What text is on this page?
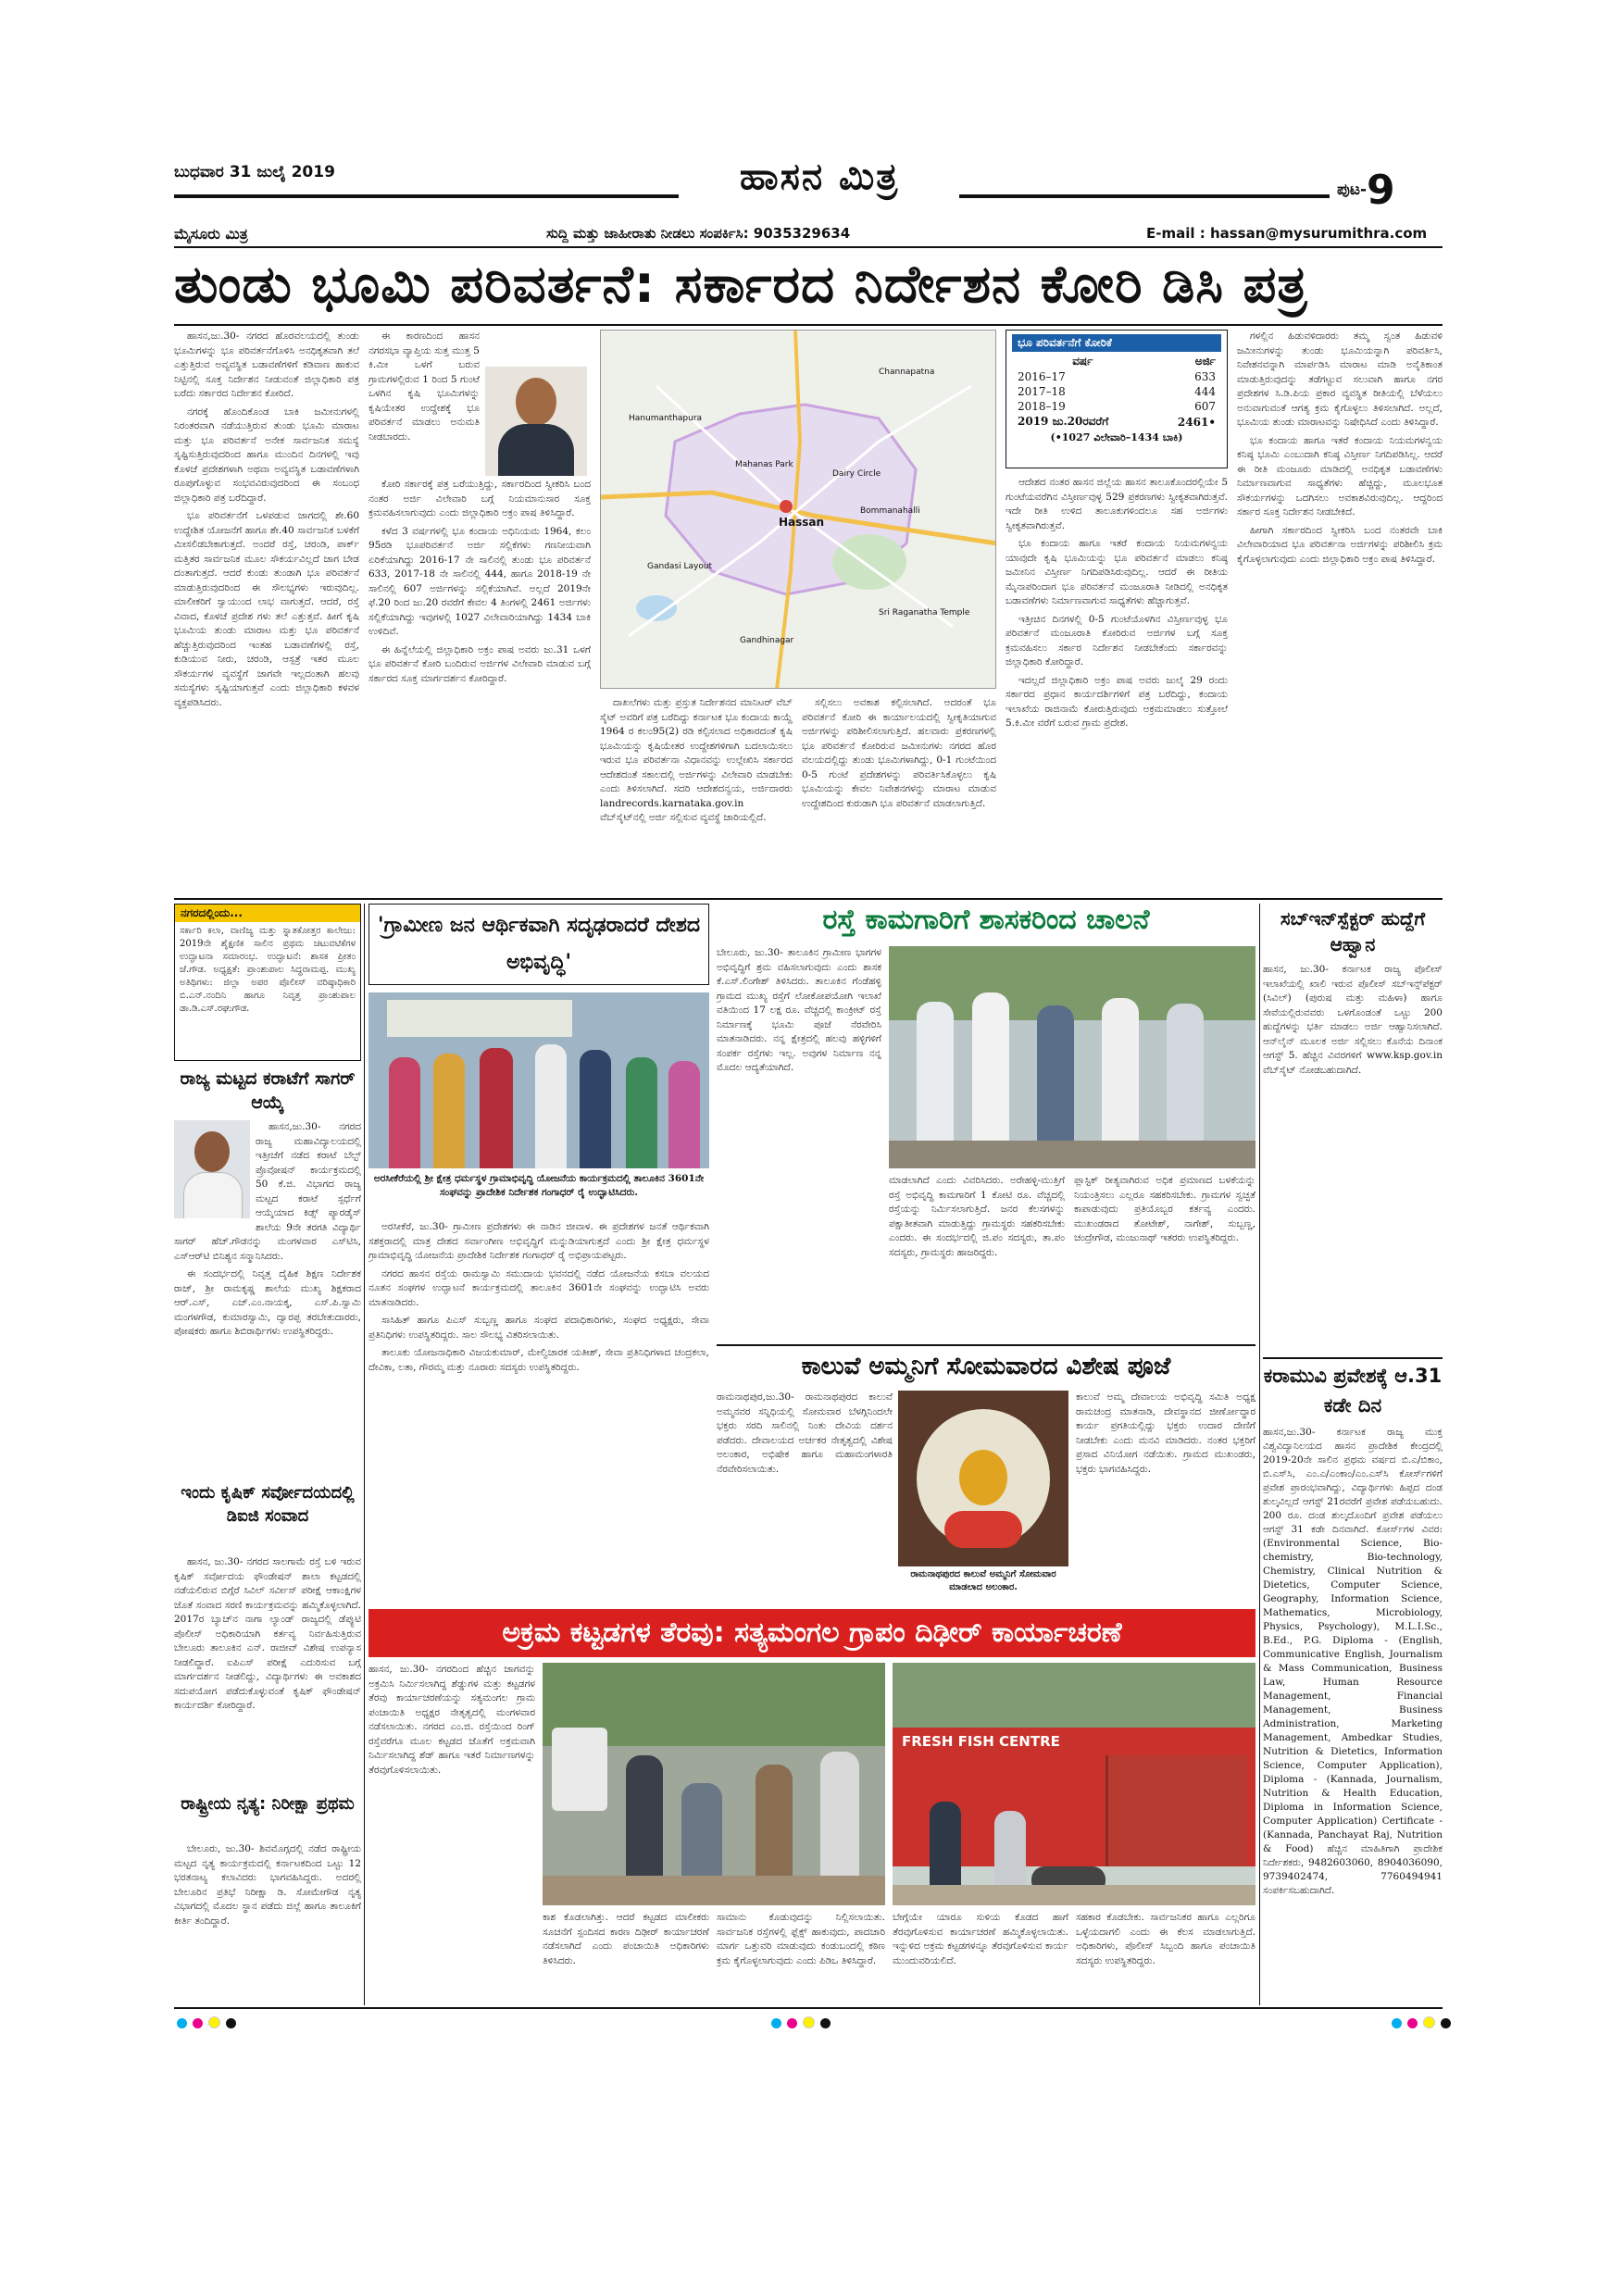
ಬುಧವಾರ 31 ಜುಲೈ 2019	ಹಾಸನ ಮಿತ್ರ	ಪುಟ-9
ಮೈಸೂರು ಮಿತ್ರ	ಸುದ್ದಿ ಮತ್ತು ಜಾಹೀರಾತು ನೀಡಲು ಸಂಪರ್ಕಿಸಿ: 9035329634	E-mail : hassan@mysurumithra.com
ತುಂಡು ಭೂಮಿ ಪರಿವರ್ತನೆ: ಸರ್ಕಾರದ ನಿರ್ದೇಶನ ಕೋರಿ ಡಿಸಿ ಪತ್ರ

ಹಾಸನ,ಜು.30- ನಗರದ ಹೊರವಲಯದಲ್ಲಿ ತುಂಡು ಭೂಮಿಗಳನ್ನು ಭೂ ಪರಿವರ್ತನೆಗೊಳಿಸಿ ಅನಧಿಕೃತವಾಗಿ ತಲೆ ಎತ್ತುತ್ತಿರುವ ಅವ್ಯವಸ್ಥಿತ ಬಡಾವಣೆಗಳಿಗೆ ಕಡಿವಾಣ ಹಾಕುವ ನಿಟ್ಟಿನಲ್ಲಿ ಸೂಕ್ತ ನಿರ್ದೇಶನ ನೀಡುವಂತೆ ಜಿಲ್ಲಾಧಿಕಾರಿ ಪತ್ರ ಬರೆದು ಸರ್ಕಾರದ ನಿರ್ದೇಶನ ಕೋರಿದೆ.

ನಗರಕ್ಕೆ ಹೊಂದಿಕೊಂಡ ಬಾಕಿ ಜಮೀನುಗಳಲ್ಲಿ ನಿರಂತರವಾಗಿ ನಡೆಯುತ್ತಿರುವ ತುಂಡು ಭೂಮಿ ಮಾರಾಟ ಮತ್ತು ಭೂ ಪರಿವರ್ತನೆ ಅನೇಕ ಸಾರ್ವಜನಿಕ ಸಮಸ್ಯೆ ಸೃಷ್ಟಿಸುತ್ತಿರುವುದರಿಂದ ಹಾಗೂ ಮುಂದಿನ ದಿನಗಳಲ್ಲಿ ಇವು ಕೊಳಚೆ ಪ್ರದೇಶಗಳಾಗಿ ಅಥವಾ ಅವ್ಯವಸ್ಥಿತ ಬಡಾವಣೆಗಳಾಗಿ ರೂಪುಗೊಳ್ಳುವ ಸಂಭವವಿರುವುದರಿಂದ ಈ ಸಂಬಂಧ ಜಿಲ್ಲಾಧಿಕಾರಿ ಪತ್ರ ಬರೆದಿದ್ದಾರೆ.

ಭೂ ಪರಿವರ್ತನೆಗೆ ಒಳಪಡುವ ಜಾಗದಲ್ಲಿ ಶೇ.60 ಉದ್ದೇಶಿತ ಯೋಜನೆಗೆ ಹಾಗೂ ಶೇ.40 ಸಾರ್ವಜನಿಕ ಬಳಕೆಗೆ ಮೀಸಲಿಡಬೇಕಾಗುತ್ತದೆ. ಅಂದರೆ ರಸ್ತೆ, ಚರಂಡಿ, ಪಾರ್ಕ್ ಮತ್ತಿತರ ಸಾರ್ವಜನಿಕ ಮೂಲ ಸೌಕರ್ಯವಿಲ್ಲದೆ ಜಾಗ ಬೇಡ ದಂತಾಗುತ್ತದೆ. ಆದರೆ ಕುಂಡು ತುಂಡಾಗಿ ಭೂ ಪರಿವರ್ತನೆ ಮಾಡುತ್ತಿರುವುದರಿಂದ ಈ ಸೌಲಭ್ಯಗಳು ಇರುವುದಿಲ್ಲ. ಮಾಲೀಕರಿಗೆ ಸ್ವಾಯುಂದ ಲಾಭ ವಾಗುತ್ತದೆ. ಆದರೆ, ರಸ್ತೆ ವಿವಾದ, ಕೊಳಚೆ ಪ್ರದೇಶ ಗಳು ತಲೆ ಎತ್ತುತ್ತವೆ. ಹೀಗೆ ಕೃಷಿ ಭೂಮಿಯ ತುಂಡು ಮಾರಾಟ ಮತ್ತು ಭೂ ಪರಿವರ್ತನೆ ಹೆಚ್ಚುತ್ತಿರುವುದರಿಂದ ಇಂತಹ ಬಡಾವಣೆಗಳಲ್ಲಿ ರಸ್ತೆ, ಕುಡಿಯುವ ನೀರು, ಚರಂಡಿ, ಆಸ್ಪತ್ರೆ ಇತರ ಮೂಲ ಸೌಕರ್ಯಗಳ ವ್ಯವಸ್ಥೆಗೆ ಜಾಗವೇ ಇಲ್ಲದಂತಾಗಿ ಹಲವು ಸಮಸ್ಯೆಗಳು ಸೃಷ್ಟಿಯಾಗುತ್ತವೆ ಎಂದು ಜಿಲ್ಲಾಧಿಕಾರಿ ಕಳವಳ ವ್ಯಕ್ತಪಡಿಸಿದರು.

ಈ ಕಾರಣದಿಂದ ಹಾಸನ ನಗರಸಭಾ ವ್ಯಾಪ್ತಿಯ ಸುತ್ತ ಮುತ್ತ 5 ಕಿ.ಮೀ ಒಳಗೆ ಬರುವ ಗ್ರಾಮಗಳಲ್ಲಿರುವ 1 ರಿಂದ 5 ಗುಂಟೆ ಒಳಗಿನ ಕೃಷಿ ಭೂಮಿಗಳನ್ನು ಕೃಷಿಯೇತರ ಉದ್ದೇಶಕ್ಕೆ ಭೂ ಪರಿವರ್ತನೆ ಮಾಡಲು ಅನುಮತಿ ನೀಡಬಾರದು.

ಕೋರಿ ಸರ್ಕಾರಕ್ಕೆ ಪತ್ರ ಬರೆಯುತ್ತಿದ್ದು, ಸರ್ಕಾರದಿಂದ ಸ್ವೀಕರಿಸಿ ಬಂದ ನಂತರ ಅರ್ಜಿ ವಿಲೇವಾರಿ ಬಗ್ಗೆ ನಿಯಮಾನುಸಾರ ಸೂಕ್ತ ಕ್ರಮವಹಿಸಲಾಗುವುದು ಎಂದು ಜಿಲ್ಲಾಧಿಕಾರಿ ಅಕ್ರಂ ಪಾಷ ತಿಳಿಸಿದ್ದಾರೆ.

ಕಳೆದ 3 ವರ್ಷಗಳಲ್ಲಿ ಭೂ ಕಂದಾಯ ಅಧಿನಿಯಮ 1964, ಕಲಂ 95ರಡಿ ಭೂಪರಿವರ್ತನೆ ಅರ್ಜಿ ಸಲ್ಲಿಕೆಗಳು ಗಣನೀಯವಾಗಿ ಏರಿಕೆಯಾಗಿದ್ದು 2016-17 ನೇ ಸಾಲಿನಲ್ಲಿ ತುಂಡು ಭೂ ಪರಿವರ್ತನೆ 633, 2017-18 ನೇ ಸಾಲಿನಲ್ಲಿ 444, ಹಾಗೂ 2018-19 ನೇ ಸಾಲಿನಲ್ಲಿ 607 ಅರ್ಜಿಗಳನ್ನು ಸಲ್ಲಿಕೆಯಾಗಿವೆ. ಅಲ್ಲದೆ 2019ನೇ ಫೆ.20 ರಿಂದ ಜು.20 ರವರೆಗೆ ಕೇವಲ 4 ತಿಂಗಳಲ್ಲಿ 2461 ಅರ್ಜಿಗಳು ಸಲ್ಲಿಕೆಯಾಗಿದ್ದು ಇವುಗಳಲ್ಲಿ 1027 ವಿಲೇವಾರಿಯಾಗಿದ್ದು 1434 ಬಾಕಿ ಉಳಿದಿವೆ.

ಈ ಹಿನ್ನೆಲೆಯಲ್ಲಿ ಜಿಲ್ಲಾಧಿಕಾರಿ ಅಕ್ರಂ ಪಾಷ ಅವರು ಜು.31 ಒಳಗೆ ಭೂ ಪರಿವರ್ತನೆ ಕೋರಿ ಬಂದಿರುವ ಅರ್ಜಿಗಳ ವಿಲೇವಾರಿ ಮಾಡುವ ಬಗ್ಗೆ ಸರ್ಕಾರದ ಸೂಕ್ತ ಮಾರ್ಗದರ್ಶನ ಕೋರಿದ್ದಾರೆ.

Hassan
Mahanas Park
Gandasi Layout
Dairy Circle
Channapatna
Bommanahalli
Hanumanthapura
Sri Raganatha Temple
Gandhinagar

ದಾಖಲೆಗಳು ಮತ್ತು ಪ್ರಸ್ತುತ ನಿರ್ದೇಶನದ ಮಾನಿಟರ್ ವೆಬ್ ಸೈಟ್ ಅವರಿಗೆ ಪತ್ರ ಬರೆದಿದ್ದು ಕರ್ನಾಟಕ ಭೂ ಕಂದಾಯ ಕಾಯ್ದೆ 1964 ರ ಕಲಂ95(2) ರಡಿ ಕಲ್ಪಿಸಲಾದ ಅಧಿಕಾರದಂತೆ ಕೃಷಿ ಭೂಮಿಯನ್ನು ಕೃಷಿಯೇತರ ಉದ್ದೇಶಗಳಿಗಾಗಿ ಬದಲಾಯಿಸಲು ಇರುವ ಭೂ ಪರಿವರ್ತನಾ ವಿಧಾನವನ್ನು ಉಲ್ಲೇಖಿಸಿ ಸರ್ಕಾರದ ಆದೇಶದಂತೆ ಸಕಾಲದಲ್ಲಿ ಅರ್ಜಿಗಳನ್ನು ವಿಲೇವಾರಿ ಮಾಡಬೇಕು ಎಂದು ತಿಳಿಸಲಾಗಿದೆ. ಸದರಿ ಆದೇಶದನ್ವಯ, ಅರ್ಜಿದಾರರು landrecords.karnataka.gov.in ವೆಬ್‌ಸೈಟ್‌ನಲ್ಲಿ ಅರ್ಜಿ ಸಲ್ಲಿಸುವ ವ್ಯವಸ್ಥೆ ಜಾರಿಯಲ್ಲಿದೆ.

ಸಲ್ಲಿಸಲು ಅವಕಾಶ ಕಲ್ಪಿಸಲಾಗಿದೆ. ಅದರಂತೆ ಭೂ ಪರಿವರ್ತನೆ ಕೋರಿ ಈ ಕಾರ್ಯಾಲಯದಲ್ಲಿ ಸ್ವೀಕೃತಿಯಾಗುವ ಅರ್ಜಿಗಳನ್ನು ಪರಿಶೀಲಿಸಲಾಗುತ್ತಿದೆ. ಹಲವಾರು ಪ್ರಕರಣಗಳಲ್ಲಿ ಭೂ ಪರಿವರ್ತನೆ ಕೋರಿರುವ ಜಮೀನುಗಳು ನಗರದ ಹೊರ ವಲಯದಲ್ಲಿದ್ದು ತುಂಡು ಭೂಮಿಗಳಾಗಿದ್ದು, 0-1 ಗುಂಟೆಯಿಂದ 0-5 ಗುಂಟೆ ಪ್ರದೇಶಗಳನ್ನು ಪರಿವರ್ತಿಸಿಕೊಳ್ಳಲು ಕೃಷಿ ಭೂಮಿಯನ್ನು ಕೇವಲ ನಿವೇಶನಗಳನ್ನು ಮಾರಾಟ ಮಾಡುವ ಉದ್ದೇಶದಿಂದ ಕುರುಡಾಗಿ ಭೂ ಪರಿವರ್ತನೆ ಮಾಡಲಾಗುತ್ತಿದೆ.

ಭೂ ಪರಿವರ್ತನೆಗೆ ಕೋರಿಕೆ
ವರ್ಷ	ಅರ್ಜಿ
2016–17	633
2017–18	444
2018–19	607
2019 ಜು.20ರವರೆಗೆ	2461•
(•1027 ವಿಲೇವಾರಿ–1434 ಬಾಕಿ)

ಆದೇಶದ ನಂತರ ಹಾಸನ ಜಿಲ್ಲೆಯ ಹಾಸನ ತಾಲೂಕೊಂದರಲ್ಲಿಯೇ 5 ಗುಂಟೆಯವರೆಗಿನ ವಿಸ್ತೀರ್ಣವುಳ್ಳ 529 ಪ್ರಕರಣಗಳು ಸ್ವೀಕೃತವಾಗಿರುತ್ತವೆ. ಇದೇ ರೀತಿ ಉಳಿದ ತಾಲೂಕುಗಳಿಂದಲೂ ಸಹ ಅರ್ಜಿಗಳು ಸ್ವೀಕೃತವಾಗಿರುತ್ತವೆ.

ಭೂ ಕಂದಾಯ ಹಾಗೂ ಇತರೆ ಕಂದಾಯ ನಿಯಮಗಳನ್ವಯ ಯಾವುದೇ ಕೃಷಿ ಭೂಮಿಯನ್ನು ಭೂ ಪರಿವರ್ತನೆ ಮಾಡಲು ಕನಿಷ್ಠ ಜಮೀನಿನ ವಿಸ್ತೀರ್ಣ ನಿಗದಿಪಡಿಸಿರುವುದಿಲ್ಲ. ಆದರೆ ಈ ರೀತಿಯ ಮೈನಾಪರಿಂದಾಗ ಭೂ ಪರಿವರ್ತನೆ ಮಂಜೂರಾತಿ ನೀಡಿದಲ್ಲಿ ಅನಧಿಕೃತ ಬಡಾವಣೆಗಳು ನಿರ್ಮಾಣವಾಗುವ ಸಾಧ್ಯತೆಗಳು ಹೆಚ್ಚಾಗುತ್ತವೆ.

ಇತ್ತೀಚಿನ ದಿನಗಳಲ್ಲಿ 0-5 ಗುಂಟೆಯೊಳಗಿನ ವಿಸ್ತೀರ್ಣವುಳ್ಳ ಭೂ ಪರಿವರ್ತನೆ ಮಂಜೂರಾತಿ ಕೋರಿರುವ ಅರ್ಜಿಗಳ ಬಗ್ಗೆ ಸೂಕ್ತ ಕ್ರಮವಹಿಸಲು ಸರ್ಕಾರ ನಿರ್ದೇಶನ ನೀಡಬೇಕೆಂದು ಸರ್ಕಾರವನ್ನು ಜಿಲ್ಲಾಧಿಕಾರಿ ಕೋರಿದ್ದಾರೆ.

ಇದಲ್ಲದೆ ಜಿಲ್ಲಾಧಿಕಾರಿ ಅಕ್ರಂ ಪಾಷ ಅವರು ಜುಲೈ 29 ರಂದು ಸರ್ಕಾರದ ಪ್ರಧಾನ ಕಾರ್ಯದರ್ಶಿಗಳಿಗೆ ಪತ್ರ ಬರೆದಿದ್ದು, ಕಂದಾಯ ಇಲಾಖೆಯ ರಾಜಿನಾಮೆ ಕೋರುತ್ತಿರುವುದು ಅಕ್ರಮಮಾಡಲು ಸುತ್ತೋಲೆ 5.ಕಿ.ಮೀ ವರೆಗೆ ಬರುವ ಗ್ರಾಮ ಪ್ರದೇಶ.

ಗಳಲ್ಲಿನ ಹಿಡುವಳಿದಾರರು ತಮ್ಮ ಸ್ವಂತ ಹಿಡುವಳಿ ಜಮೀನುಗಳನ್ನು ತುಂಡು ಭೂಮಿಯನ್ನಾಗಿ ಪರಿವರ್ತಿಸಿ, ನಿವೇಶನವನ್ನಾಗಿ ಮಾರ್ಪಡಿಸಿ ಮಾರಾಟ ಮಾಡಿ ಅನೈತಿಕಾಂತ ಮಾಡುತ್ತಿರುವುದನ್ನು ತಡೆಗಟ್ಟುವ ಸಲುವಾಗಿ ಹಾಗೂ ನಗರ ಪ್ರದೇಶಗಳ ಸಿ.ಡಿ.ಪಿಯ ಪ್ರಕಾರ ವ್ಯವಸ್ಥಿತ ರೀತಿಯಲ್ಲಿ ಬೆಳೆಯಲು ಅನುವಾಗುವಂತೆ ಆಗತ್ಯ ಕ್ರಮ ಕೈಗೊಳ್ಳಲು ತಿಳಿಸಲಾಗಿದೆ. ಅಲ್ಲದೆ, ಭೂಮಿಯ ತುಂಡು ಮಾರಾಟವನ್ನು ನಿಷೇಧಿಸಿದೆ ಎಂದು ತಿಳಿಸಿದ್ದಾರೆ.

ಭೂ ಕಂದಾಯ ಹಾಗೂ ಇತರೆ ಕಂದಾಯ ನಿಯಮಗಳನ್ವಯ ಕನಿಷ್ಠ ಭೂಮಿ ಎಂಬುದಾಗಿ ಕನಿಷ್ಠ ವಿಸ್ತೀರ್ಣ ನಿಗದಿಪಡಿಸಿಲ್ಲ. ಆದರೆ ಈ ರೀತಿ ಮಂಜೂರು ಮಾಡಿದಲ್ಲಿ ಅನಧಿಕೃತ ಬಡಾವಣೆಗಳು ನಿರ್ಮಾಣವಾಗುವ ಸಾಧ್ಯತೆಗಳು ಹೆಚ್ಚಿದ್ದು, ಮೂಲಭೂತ ಸೌಕರ್ಯಗಳನ್ನು ಒದಗಿಸಲು ಅವಕಾಶವಿರುವುದಿಲ್ಲ. ಆದ್ದರಿಂದ ಸರ್ಕಾರ ಸೂಕ್ತ ನಿರ್ದೇಶನ ನೀಡಬೇಕಿದೆ.

ಹೀಗಾಗಿ ಸರ್ಕಾರದಿಂದ ಸ್ವೀಕರಿಸಿ ಬಂದ ನಂತರವೇ ಬಾಕಿ ವಿಲೇವಾರಿಯಾದ ಭೂ ಪರಿವರ್ತನಾ ಅರ್ಜಿಗಳನ್ನು ಪರಿಶೀಲಿಸಿ ಕ್ರಮ ಕೈಗೊಳ್ಳಲಾಗುವುದು ಎಂದು ಜಿಲ್ಲಾಧಿಕಾರಿ ಅಕ್ರಂ ಪಾಷ ತಿಳಿಸಿದ್ದಾರೆ.

ನಗರದಲ್ಲಿಂದು...
ಸರ್ಕಾರಿ ಕಲಾ, ವಾಣಿಜ್ಯ ಮತ್ತು ಸ್ನಾತಕೋತ್ತರ ಕಾಲೇಜು: 2019ನೇ ಶೈಕ್ಷಣಿಕ ಸಾಲಿನ ಪ್ರಥಮ ಚಟುವಟಿಕೆಗಳ ಉದ್ಘಾಟನಾ ಸಮಾರಂಭ. ಉದ್ಘಾಟನೆ: ಶಾಸಕ ಪ್ರೀತಂ ಜೆ.ಗೌಡ. ಅಧ್ಯಕ್ಷತೆ: ಪ್ರಾಂಶುಪಾಲ ಸಿದ್ಧರಾಮಪ್ಪ. ಮುಖ್ಯ ಅತಿಥಿಗಳು: ಜಿಲ್ಲಾ ಅಪರ ಪೊಲೀಸ್ ವರಿಷ್ಠಾಧಿಕಾರಿ ಬಿ.ಎನ್.ನಂದಿನಿ ಹಾಗೂ ನಿವೃತ್ತ ಪ್ರಾಂಶುಪಾಲ ಡಾ.ಡಿ.ಎಸ್.ರಘುಗೌಡ.
ರಾಜ್ಯ ಮಟ್ಟದ ಕರಾಟೆಗೆ ಸಾಗರ್ ಆಯ್ಕೆ

ಹಾಸನ,ಜು.30- ನಗರದ ರಾಜ್ಯ ಮಹಾವಿದ್ಯಾಲಯದಲ್ಲಿ ಇತ್ತೀಚೆಗೆ ನಡೆದ ಕರಾಟೆ ಬೆಲ್ಟ್ ಪ್ರೊವೋಷನ್ ಕಾರ್ಯಕ್ರಮದಲ್ಲಿ 50 ಕೆ.ಜಿ. ವಿಭಾಗದ ರಾಜ್ಯ ಮಟ್ಟದ ಕರಾಟೆ ಸ್ಪರ್ಧೆಗೆ ಆಯ್ಕೆಯಾದ ಕಿಡ್ಸ್ ಪ್ಯಾರಡೈಸ್ ಶಾಲೆಯ 9ನೇ ತರಗತಿ ವಿದ್ಯಾರ್ಥಿ ಸಾಗರ್ ಹೆಚ್.ಗೌಡನನ್ನು ಮಂಗಳವಾರ ಎಸ್‌ಟಿಸಿ, ಎಸ್‌ಆರ್‌ಟಿ ಬಿನಿಶ್ಯನ ಸನ್ಮಾನಿಸಿದರು.

ಈ ಸಂದರ್ಭದಲ್ಲಿ ನಿವೃತ್ತ ದೈಹಿಕ ಶಿಕ್ಷಣ ನಿರ್ದೇಶಕ ರಾಜ್, ಶ್ರೀ ರಾಮಕೃಷ್ಣ ಶಾಲೆಯ ಮುಖ್ಯ ಶಿಕ್ಷಕರಾದ ಆರ್.ಎಸ್, ಎಚ್.ಎಂ.ನಾಯಕ್ಕ, ಎಸ್.ಪಿ.ಸ್ವಾಮಿ ಮಂಗಳಗೌಡ, ಕುಮಾರಸ್ವಾಮಿ, ದ್ವಾರಪ್ಪ ತರಬೇತುದಾರರು, ಪೋಷಕರು ಹಾಗೂ ಶಿಬಿರಾರ್ಥಿಗಳು ಉಪಸ್ಥಿತರಿದ್ದರು.

ಇಂದು ಕೃಷಿಕ್ ಸರ್ವೋದಯದಲ್ಲಿ ಡಿಐಜಿ ಸಂವಾದ

ಹಾಸನ, ಜು.30- ನಗರದ ಸಾಲಗಾಮೆ ರಸ್ತೆ ಬಳಿ ಇರುವ ಕೃಷಿಕ್ ಸರ್ವೋದಯ ಫೌಂಡೇಷನ್ ಶಾಲಾ ಕಟ್ಟಡದಲ್ಲಿ ನಡೆಯಲಿರುವ ಬಿಗ್ಗೆರೆ ಸಿವಿಲ್ ಸರ್ವೀಸ್ ಪರೀಕ್ಷೆ ಆಕಾಂಕ್ಷಿಗಳ ಜೊತೆ ಸಂವಾದ ಸರಣಿ ಕಾರ್ಯಕ್ರಮವನ್ನು ಹಮ್ಮಿಕೊಳ್ಳಲಾಗಿದೆ. 2017ರ ಬ್ಯಾಚ್‌ನ ನಾಗಾ ಲ್ಯಾಂಡ್ ರಾಜ್ಯದಲ್ಲಿ ಡೆಪ್ಯುಟಿ ಪೊಲೀಸ್ ಅಧಿಕಾರಿಯಾಗಿ ಕರ್ತವ್ಯ ನಿರ್ವಹಿಸುತ್ತಿರುವ ಬೇಲೂರು ತಾಲೂಕಿನ ಎನ್. ರಾಜೀವ್ ವಿಶೇಷ ಉಪನ್ಯಾಸ ನೀಡಲಿದ್ದಾರೆ. ಐಪಿಎಸ್ ಪರೀಕ್ಷೆ ಎದುರಿಸುವ ಬಗ್ಗೆ ಮಾರ್ಗದರ್ಶನ ನೀಡಲಿದ್ದು, ವಿದ್ಯಾರ್ಥಿಗಳು ಈ ಅವಕಾಶದ ಸದುಪಯೋಗ ಪಡೆದುಕೊಳ್ಳುವಂತೆ ಕೃಷಿಕ್ ಫೌಂಡೇಷನ್ ಕಾರ್ಯದರ್ಶಿ ಕೋರಿದ್ದಾರೆ.

ರಾಷ್ಟ್ರೀಯ ನೃತ್ಯ: ನಿರೀಕ್ಷಾ ಪ್ರಥಮ

ಬೇಲೂರು, ಜು.30- ಶಿವಮೊಗ್ಗದಲ್ಲಿ ನಡೆದ ರಾಷ್ಟ್ರೀಯ ಮಟ್ಟದ ನೃತ್ಯ ಕಾರ್ಯಕ್ರಮದಲ್ಲಿ ಕರ್ನಾಟಕದಿಂದ ಒಟ್ಟು 12 ಭರತನಾಟ್ಯ ಕಲಾವಿದರು ಭಾಗವಹಿಸಿದ್ದರು. ಅದರಲ್ಲಿ ಬೇಲೂರಿನ ಪ್ರತಿಭೆ ನಿರೀಕ್ಷಾ ಡಿ. ಸೋಮೇಗೌಡ ನೃತ್ಯ ವಿಭಾಗದಲ್ಲಿ ಮೊದಲ ಸ್ಥಾನ ಪಡೆದು ಜಿಲ್ಲೆ ಹಾಗೂ ತಾಲೂಕಿಗೆ ಕೀರ್ತಿ ತಂದಿದ್ದಾರೆ.

'ಗ್ರಾಮೀಣ ಜನ ಆರ್ಥಿಕವಾಗಿ ಸದೃಢರಾದರೆ ದೇಶದ ಅಭಿವೃದ್ಧಿ'
ಅರಸೀಕೆರೆಯಲ್ಲಿ ಶ್ರೀ ಕ್ಷೇತ್ರ ಧರ್ಮಸ್ಥಳ ಗ್ರಾಮಾಭಿವೃದ್ಧಿ ಯೋಜನೆಯ ಕಾರ್ಯಕ್ರಮದಲ್ಲಿ ತಾಲೂಕಿನ 3601ನೇ ಸಂಘವನ್ನು ಪ್ರಾದೇಶಿಕ ನಿರ್ದೇಶಕ ಗಂಗಾಧರ್ ರೈ ಉದ್ಘಾಟಿಸಿದರು.

ಅರಸೀಕೆರೆ, ಜು.30- ಗ್ರಾಮೀಣ ಪ್ರದೇಶಗಳು ಈ ನಾಡಿನ ಜೀವಾಳ. ಈ ಪ್ರದೇಶಗಳ ಜನತೆ ಆರ್ಥಿಕವಾಗಿ ಸಶಕ್ತರಾದಲ್ಲಿ ಮಾತ್ರ ದೇಶದ ಸರ್ವಾಂಗೀಣ ಅಭಿವೃದ್ಧಿಗೆ ಮನ್ನುಡಿಯಾಗುತ್ತದೆ ಎಂದು ಶ್ರೀ ಕ್ಷೇತ್ರ ಧರ್ಮಸ್ಥಳ ಗ್ರಾಮಾಭಿವೃದ್ಧಿ ಯೋಜನೆಯ ಪ್ರಾದೇಶಿಕ ನಿರ್ದೇಶಕ ಗಂಗಾಧರ್ ರೈ ಅಭಿಪ್ರಾಯಪಟ್ಟರು.

ನಗರದ ಹಾಸನ ರಸ್ತೆಯ ರಾಮಸ್ವಾಮಿ ಸಮುದಾಯ ಭವನದಲ್ಲಿ ನಡೆದ ಯೋಜನೆಯ ಕಸಬಾ ವಲಯದ ನೂತನ ಸಂಘಗಳ ಉದ್ಘಾಟನೆ ಕಾರ್ಯಕ್ರಮದಲ್ಲಿ ತಾಲೂಕಿನ 3601ನೇ ಸಂಘವನ್ನು ಉದ್ಘಾಟಿಸಿ ಅವರು ಮಾತನಾಡಿದರು.

ಸಾಸಿಹಿತ್ ಹಾಗೂ ಪಿಎಸ್ ಸುಬ್ಬಣ್ಣ ಹಾಗೂ ಸಂಘದ ಪದಾಧಿಕಾರಿಗಳು, ಸಂಘದ ಅಧ್ಯಕ್ಷರು, ಸೇವಾ ಪ್ರತಿನಿಧಿಗಳು ಉಪಸ್ಥಿತರಿದ್ದರು. ಸಾಲ ಸೌಲಭ್ಯ ವಿತರಿಸಲಾಯಿತು.

ತಾಲೂಕು ಯೋಜನಾಧಿಕಾರಿ ವಿಜಯಕುಮಾರ್, ಮೇಲ್ವಿಚಾರಕ ಯತೀಶ್, ಸೇವಾ ಪ್ರತಿನಿಧಿಗಳಾದ ಚಂದ್ರಕಲಾ, ದೇವಿಕಾ, ಲತಾ, ಗೌರಮ್ಮ ಮತ್ತು ನೂರಾರು ಸದಸ್ಯರು ಉಪಸ್ಥಿತರಿದ್ದರು.

ರಸ್ತೆ ಕಾಮಗಾರಿಗೆ ಶಾಸಕರಿಂದ ಚಾಲನೆ
ಬೇಲೂರು, ಜು.30- ತಾಲೂಕಿನ ಗ್ರಾಮೀಣ ಭಾಗಗಳ ಅಭಿವೃದ್ಧಿಗೆ ಶ್ರಮ ವಹಿಸಲಾಗುವುದು ಎಂದು ಶಾಸಕ ಕೆ.ಎಸ್.ಲಿಂಗೇಶ್ ತಿಳಿಸಿದರು. ತಾಲೂಕಿನ ಗೆಂಡೆಹಳ್ಳಿ ಗ್ರಾಮದ ಮುಖ್ಯ ರಸ್ತೆಗೆ ಲೋಕೋಪಯೋಗಿ ಇಲಾಖೆ ವತಿಯಿಂದ 17 ಲಕ್ಷ ರೂ. ವೆಚ್ಚದಲ್ಲಿ ಕಾಂಕ್ರೀಟ್ ರಸ್ತೆ ನಿರ್ಮಾಣಕ್ಕೆ ಭೂಮಿ ಪೂಜೆ ನೆರವೇರಿಸಿ ಮಾತನಾಡಿದರು. ನನ್ನ ಕ್ಷೇತ್ರದಲ್ಲಿ ಹಲವು ಹಳ್ಳಿಗಳಿಗೆ ಸಂಪರ್ಕ ರಸ್ತೆಗಳು ಇಲ್ಲ. ಅವುಗಳ ನಿರ್ಮಾಣ ನನ್ನ ಮೊದಲ ಆದ್ಯತೆಯಾಗಿದೆ.
ಮಾಡಲಾಗಿದೆ ಎಂದು ವಿವರಿಸಿದರು. ಅರೇಹಳ್ಳಿ-ಮುತ್ತಿಗೆ ರಸ್ತೆ ಅಭಿವೃದ್ಧಿ ಕಾಮಗಾರಿಗೆ 1 ಕೋಟಿ ರೂ. ವೆಚ್ಚದಲ್ಲಿ ರಸ್ತೆಯನ್ನು ನಿರ್ಮಿಸಲಾಗುತ್ತಿದೆ. ಜನರ ಕೆಲಸಗಳನ್ನು ಪಕ್ಷಾತೀತವಾಗಿ ಮಾಡುತ್ತಿದ್ದು ಗ್ರಾಮಸ್ಥರು ಸಹಕರಿಸಬೇಕು ಎಂದರು. ಈ ಸಂದರ್ಭದಲ್ಲಿ ಜಿ.ಪಂ ಸದಸ್ಯರು, ತಾ.ಪಂ ಸದಸ್ಯರು, ಗ್ರಾಮಸ್ಥರು ಹಾಜರಿದ್ದರು.
ಪ್ಲಾಸ್ಟಿಕ್ ರೀತ್ಯವಾಗಿರುವ ಅಧಿಕ ಪ್ರಮಾಣದ ಬಳಕೆಯನ್ನು ನಿಯಂತ್ರಿಸಲು ಎಲ್ಲರೂ ಸಹಕರಿಸಬೇಕು. ಗ್ರಾಮಗಳ ಸ್ವಚ್ಛತೆ ಕಾಪಾಡುವುದು ಪ್ರತಿಯೊಬ್ಬರ ಕರ್ತವ್ಯ ಎಂದರು. ಮುಖಂಡರಾದ ತೋಟೇಶ್, ನಾಗೇಶ್, ಸುಬ್ಬಣ್ಣ, ಚಂದ್ರೇಗೌಡ, ಮಂಜುನಾಥ್ ಇತರರು ಉಪಸ್ಥಿತರಿದ್ದರು.
ಕಾಲುವೆ ಅಮ್ಮನಿಗೆ ಸೋಮವಾರದ ವಿಶೇಷ ಪೂಜೆ
ರಾಮನಾಥಪುರ,ಜು.30- ರಾಮನಾಥಪುರದ ಕಾಲುವೆ ಅಮ್ಮನವರ ಸನ್ನಿಧಿಯಲ್ಲಿ ಸೋಮವಾರ ಬೆಳಗ್ಗಿನಿಂದಲೇ ಭಕ್ತರು ಸರದಿ ಸಾಲಿನಲ್ಲಿ ನಿಂತು ದೇವಿಯ ದರ್ಶನ ಪಡೆದರು. ದೇವಾಲಯದ ಅರ್ಚಕರ ನೇತೃತ್ವದಲ್ಲಿ ವಿಶೇಷ ಅಲಂಕಾರ, ಅಭಿಷೇಕ ಹಾಗೂ ಮಹಾಮಂಗಳಾರತಿ ನೆರವೇರಿಸಲಾಯಿತು.
ರಾಮನಾಥಪುರದ ಕಾಲುವೆ ಅಮ್ಮನಿಗೆ ಸೋಮವಾರ ಮಾಡಲಾದ ಅಲಂಕಾರ.
ಕಾಲುವೆ ಅಮ್ಮ ದೇವಾಲಯ ಅಭಿವೃದ್ಧಿ ಸಮಿತಿ ಅಧ್ಯಕ್ಷ ರಾಮಚಂದ್ರ ಮಾತನಾಡಿ, ದೇವಸ್ಥಾನದ ಜೀರ್ಣೋದ್ಧಾರ ಕಾರ್ಯ ಪ್ರಗತಿಯಲ್ಲಿದ್ದು ಭಕ್ತರು ಉದಾರ ದೇಣಿಗೆ ನೀಡಬೇಕು ಎಂದು ಮನವಿ ಮಾಡಿದರು. ನಂತರ ಭಕ್ತರಿಗೆ ಪ್ರಸಾದ ವಿನಿಯೋಗ ನಡೆಯಿತು. ಗ್ರಾಮದ ಮುಖಂಡರು, ಭಕ್ತರು ಭಾಗವಹಿಸಿದ್ದರು.
ಅಕ್ರಮ ಕಟ್ಟಡಗಳ ತೆರವು: ಸತ್ಯಮಂಗಲ ಗ್ರಾಪಂ ದಿಢೀರ್ ಕಾರ್ಯಾಚರಣೆ
ಹಾಸನ, ಜು.30- ನಗರದಿಂದ ಹೆಚ್ಚಿನ ಜಾಗವನ್ನು ಅಕ್ರಮಿಸಿ ನಿರ್ಮಿಸಲಾಗಿದ್ದ ಶೆಡ್ಡುಗಳ ಮತ್ತು ಕಟ್ಟಡಗಳ ತೆರವು ಕಾರ್ಯಾಚರಣೆಯನ್ನು ಸತ್ಯಮಂಗಲ ಗ್ರಾಮ ಪಂಚಾಯಿತಿ ಅಧ್ಯಕ್ಷರ ನೇತೃತ್ವದಲ್ಲಿ ಮಂಗಳವಾರ ನಡೆಸಲಾಯಿತು. ನಗರದ ಎಂ.ಜಿ. ರಸ್ತೆಯಿಂದ ರಿಂಗ್ ರಸ್ತೆವರೆಗೂ ಮೂಲ ಕಟ್ಟಡದ ಜೊತೆಗೆ ಅಕ್ರಮವಾಗಿ ನಿರ್ಮಿಸಲಾಗಿದ್ದ ಶೆಡ್ ಹಾಗೂ ಇತರೆ ನಿರ್ಮಾಣಗಳನ್ನು ತೆರವುಗೊಳಿಸಲಾಯಿತು.
FRESH FISH CENTRE
ಕಾಶ ಕೊಡಲಾಗಿತ್ತು. ಆದರೆ ಕಟ್ಟಡದ ಮಾಲೀಕರು ಸೂಚನೆಗೆ ಸ್ಪಂದಿಸದ ಕಾರಣ ದಿಢೀರ್ ಕಾರ್ಯಾಚರಣೆ ನಡೆಸಲಾಗಿದೆ ಎಂದು ಪಂಚಾಯಿತಿ ಅಧಿಕಾರಿಗಳು ತಿಳಿಸಿದರು.
ಸಾಮಾನು ಕೊಡುವುದನ್ನು ನಿಲ್ಲಿಸಲಾಯಿತು. ಸಾರ್ವಜನಿಕ ರಸ್ತೆಗಳಲ್ಲಿ ಫ್ಲೆಕ್ಸ್ ಹಾಕುವುದು, ಪಾದಚಾರಿ ಮಾರ್ಗ ಒತ್ತುವರಿ ಮಾಡುವುದು ಕಂಡುಬಂದಲ್ಲಿ ಕಠಿಣ ಕ್ರಮ ಕೈಗೊಳ್ಳಲಾಗುವುದು ಎಂದು ಪಿಡಿಒ ತಿಳಿಸಿದ್ದಾರೆ.
ಬೇಗ್ಗೆಯೇ ಯಾರೂ ಸುಳಿಯ ಕೊಡದ ಹಾಗೆ ತೆರವುಗೊಳಿಸುವ ಕಾರ್ಯಾಚರಣೆ ಹಮ್ಮಿಕೊಳ್ಳಲಾಯಿತು. ಇನ್ನುಳಿದ ಅಕ್ರಮ ಕಟ್ಟಡಗಳನ್ನೂ ತೆರವುಗೊಳಿಸುವ ಕಾರ್ಯ ಮುಂದುವರಿಯಲಿದೆ.
ಸಹಕಾರ ಕೊಡಬೇಕು. ಸಾರ್ವಜನಿಕರ ಹಾಗೂ ಎಲ್ಲರಿಗೂ ಒಳ್ಳೆಯದಾಗಲಿ ಎಂದು ಈ ಕೆಲಸ ಮಾಡಲಾಗುತ್ತಿದೆ. ಅಧಿಕಾರಿಗಳು, ಪೊಲೀಸ್ ಸಿಬ್ಬಂದಿ ಹಾಗೂ ಪಂಚಾಯಿತಿ ಸದಸ್ಯರು ಉಪಸ್ಥಿತರಿದ್ದರು.
ಸಬ್‌ಇನ್‌ಸ್ಪೆಕ್ಟರ್ ಹುದ್ದೆಗೆ ಆಹ್ವಾನ
ಹಾಸನ, ಜು.30- ಕರ್ನಾಟಕ ರಾಜ್ಯ ಪೊಲೀಸ್ ಇಲಾಖೆಯಲ್ಲಿ ಖಾಲಿ ಇರುವ ಪೊಲೀಸ್ ಸಬ್‌ಇನ್ಸ್‌ಪೆಕ್ಟರ್ (ಸಿವಿಲ್) (ಪುರುಷ ಮತ್ತು ಮಹಿಳಾ) ಹಾಗೂ ಸೇವೆಯಲ್ಲಿರುವವರು ಒಳಗೊಂಡಂತೆ ಒಟ್ಟು 200 ಹುದ್ದೆಗಳನ್ನು ಭರ್ತಿ ಮಾಡಲು ಅರ್ಜಿ ಆಹ್ವಾನಿಸಲಾಗಿದೆ. ಆನ್‌ಲೈನ್ ಮೂಲಕ ಅರ್ಜಿ ಸಲ್ಲಿಸಲು ಕೊನೆಯ ದಿನಾಂಕ ಆಗಸ್ಟ್ 5. ಹೆಚ್ಚಿನ ವಿವರಗಳಿಗೆ www.ksp.gov.in ವೆಬ್‌ಸೈಟ್ ನೋಡಬಹುದಾಗಿದೆ.
ಕರಾಮುವಿ ಪ್ರವೇಶಕ್ಕೆ ಆ.31 ಕಡೇ ದಿನ
ಹಾಸನ,ಜು.30- ಕರ್ನಾಟಕ ರಾಜ್ಯ ಮುಕ್ತ ವಿಶ್ವವಿದ್ಯಾನಿಲಯದ ಹಾಸನ ಪ್ರಾದೇಶಿಕ ಕೇಂದ್ರದಲ್ಲಿ 2019-20ನೇ ಸಾಲಿನ ಪ್ರಥಮ ವರ್ಷದ ಬಿ.ಎ/ಬಿಕಾಂ, ಬಿ.ಎಸ್‌ಸಿ, ಎಂ.ಎ/ಎಂಕಾಂ/ಎಂ.ಎಸ್‌ಸಿ ಕೋರ್ಸ್‌ಗಳಿಗೆ ಪ್ರವೇಶ ಪ್ರಾರಂಭವಾಗಿದ್ದು, ವಿದ್ಯಾರ್ಥಿಗಳು ಹಿಪ್ಪದ ದಂಡ ಶುಲ್ಕವಿಲ್ಲದೆ ಆಗಸ್ಟ್ 21ರವರೆಗೆ ಪ್ರವೇಶ ಪಡೆಯಬಹುದು. 200 ರೂ. ದಂಡ ಶುಲ್ಕದೊಂದಿಗೆ ಪ್ರವೇಶ ಪಡೆಯಲು ಆಗಸ್ಟ್ 31 ಕಡೇ ದಿನವಾಗಿದೆ. ಕೋರ್ಸ್‌ಗಳ ವಿವರ: (Environmental Science, Bio-chemistry, Bio-technology, Chemistry, Clinical Nutrition & Dietetics, Computer Science, Geography, Information Science, Mathematics, Microbiology, Physics, Psychology), M.L.I.Sc., B.Ed., P.G. Diploma - (English, Communicative English, Journalism & Mass Communication, Business Law, Human Resource Management, Financial Management, Business Administration, Marketing Management, Ambedkar Studies, Nutrition & Dietetics, Information Science, Computer Application), Diploma - (Kannada, Journalism, Nutrition & Health Education, Diploma in Information Science, Computer Application) Certificate - (Kannada, Panchayat Raj, Nutrition & Food) ಹೆಚ್ಚಿನ ಮಾಹಿತಿಗಾಗಿ ಪ್ರಾದೇಶಿಕ ನಿರ್ದೇಶಕರು, 9482603060, 8904036090, 9739402474, 7760494941 ಸಂಪರ್ಕಿಸಬಹುದಾಗಿದೆ.
